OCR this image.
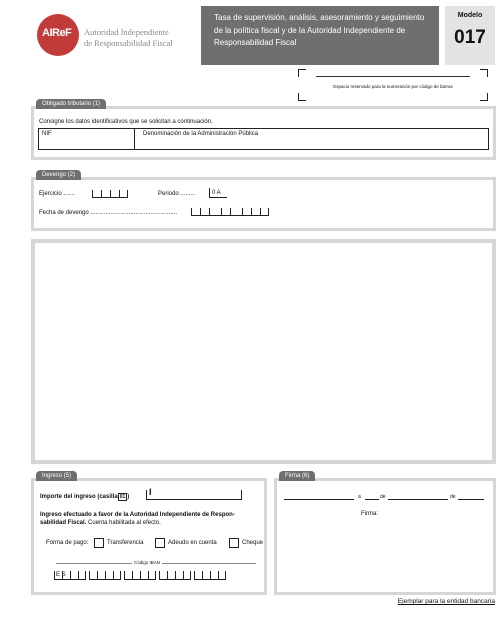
AIReF Autoridad Independiente
de Responsabilidad Fiscal
Tasa de supervisión, análisis, asesoramiento y seguimiento de la política fiscal y de la Autoridad Independiente de Responsabilidad Fiscal
Modelo
017
Espacio reservado para la numeración por código de barras
Obligado tributario (1)
Consigne los datos identificativos que se solicitan a continuación.
NIF	Denominación de la Administración Pública
Devengo (2)
Ejercicio .......	Periodo .........	0 A
Fecha de devengo ....................................................
Ingreso (5)
Importe del ingreso (casilla 01 ) I
Ingreso efectuado a favor de la Autoridad Independiente de Respon-
sabilidad Fiscal. Cuenta habilitada al efecto.
Forma de pago:	Transferencia	Adeudo en cuenta	Cheque
Código IBAN
E S
Firma (6)
a	de	de
Firma:
Ejemplar para la entidad bancaria
